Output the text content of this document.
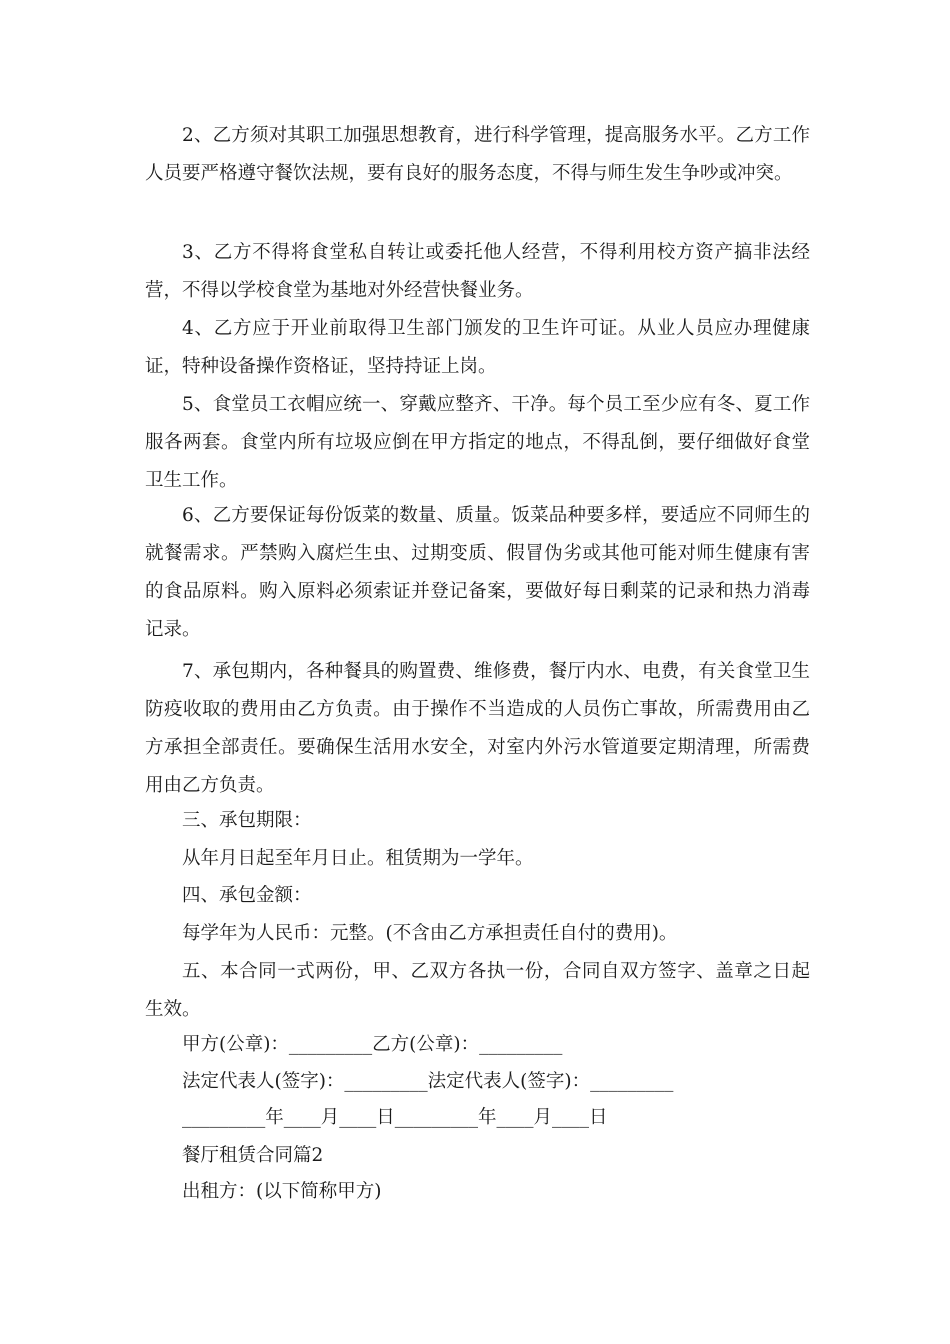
2、乙方须对其职工加强思想教育，进行科学管理，提高服务水平。乙方工作人员要严格遵守餐饮法规，要有良好的服务态度，不得与师生发生争吵或冲突。

3、乙方不得将食堂私自转让或委托他人经营，不得利用校方资产搞非法经营，不得以学校食堂为基地对外经营快餐业务。

4、乙方应于开业前取得卫生部门颁发的卫生许可证。从业人员应办理健康证，特种设备操作资格证，坚持持证上岗。

5、食堂员工衣帽应统一、穿戴应整齐、干净。每个员工至少应有冬、夏工作服各两套。食堂内所有垃圾应倒在甲方指定的地点，不得乱倒，要仔细做好食堂卫生工作。

6、乙方要保证每份饭菜的数量、质量。饭菜品种要多样，要适应不同师生的就餐需求。严禁购入腐烂生虫、过期变质、假冒伪劣或其他可能对师生健康有害的食品原料。购入原料必须索证并登记备案，要做好每日剩菜的记录和热力消毒记录。

7、承包期内，各种餐具的购置费、维修费，餐厅内水、电费，有关食堂卫生防疫收取的费用由乙方负责。由于操作不当造成的人员伤亡事故，所需费用由乙方承担全部责任。要确保生活用水安全，对室内外污水管道要定期清理，所需费用由乙方负责。

三、承包期限：

从年月日起至年月日止。租赁期为一学年。

四、承包金额：

每学年为人民币：元整。(不含由乙方承担责任自付的费用)。

五、本合同一式两份，甲、乙双方各执一份，合同自双方签字、盖章之日起生效。

甲方(公章)：_________乙方(公章)：_________

法定代表人(签字)：_________法定代表人(签字)：_________

_________年____月____日_________年____月____日

餐厅租赁合同篇2

出租方：(以下简称甲方)
